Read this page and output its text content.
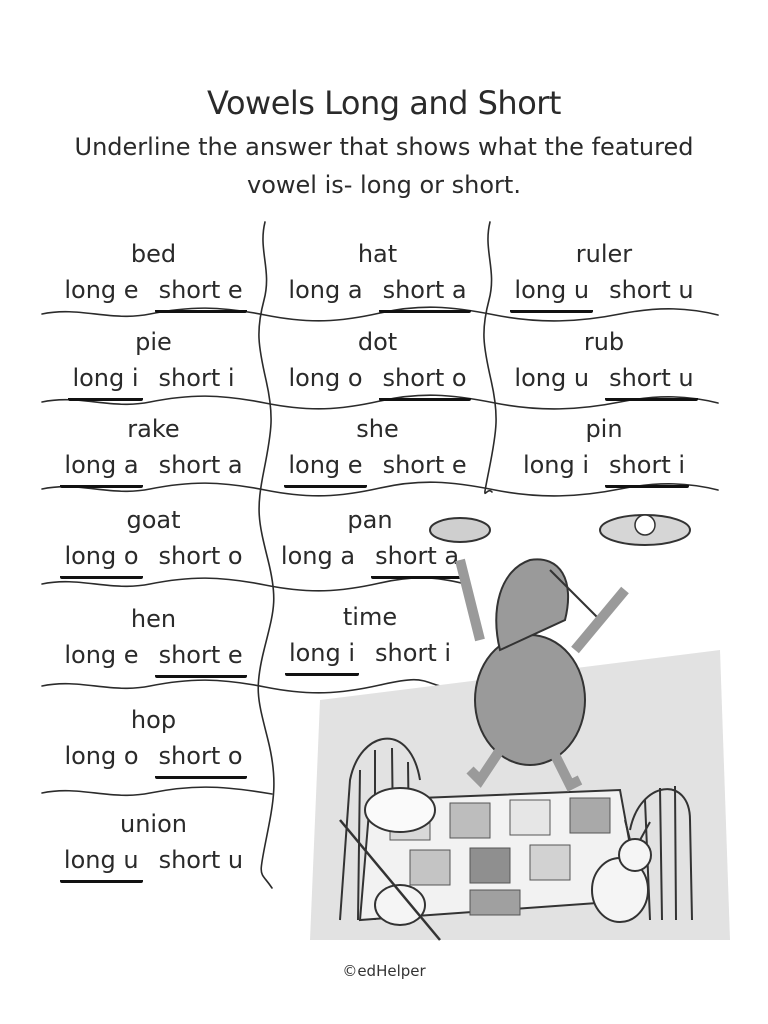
Vowels Long and Short
Underline the answer that shows what the featured vowel is- long or short.
bed
long e short e
hat
long a short a
ruler
long u short u
pie
long i short i
dot
long o short o
rub
long u short u
rake
long a short a
she
long e short e
pin
long i short i
goat
long o short o
pan
long a short a
hen
long e short e
time
long i short i
hop
long o short o
union
long u short u
©edHelper
